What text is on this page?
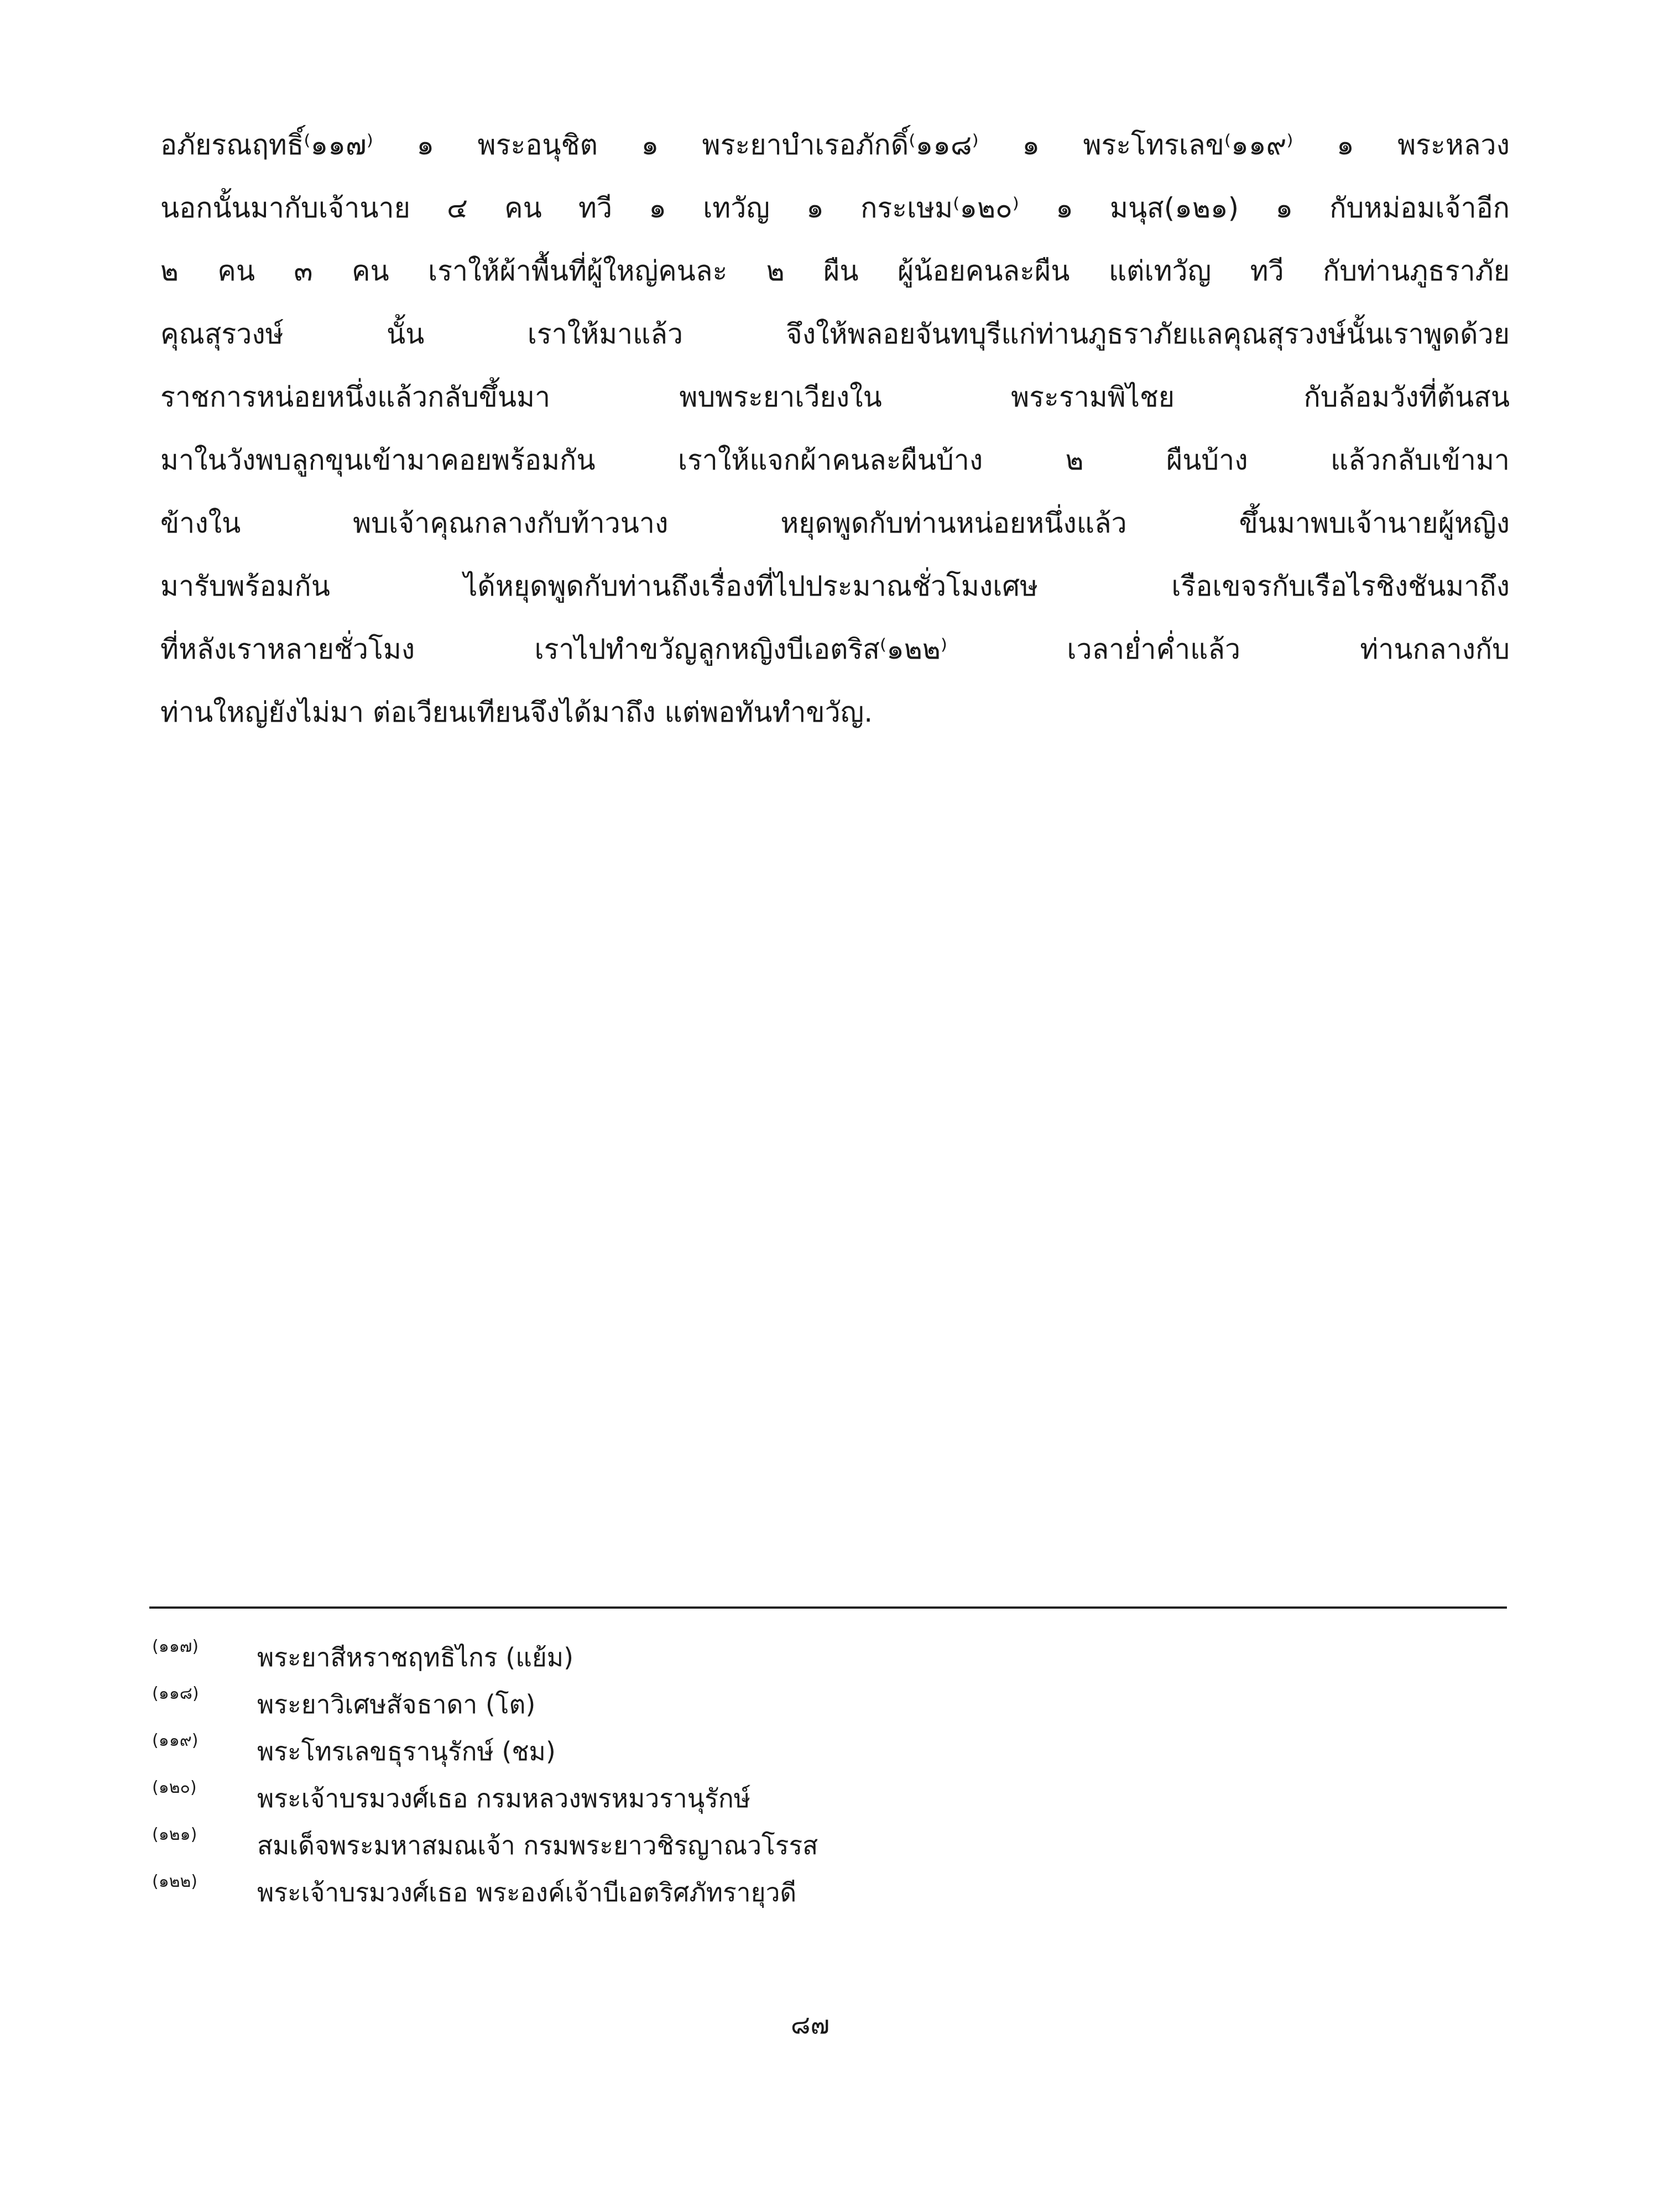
อภัยรณฤทธิ์⁽๑๑๗⁾ ๑ พระอนุชิต ๑ พระยาบำเรอภักดิ์⁽๑๑๘⁾ ๑ พระโทรเลข⁽๑๑๙⁾ ๑ พระหลวง
นอกนั้นมากับเจ้านาย ๔ คน ทวี ๑ เทวัญ ๑ กระเษม⁽๑๒๐⁾ ๑ มนุส(๑๒๑) ๑ กับหม่อมเจ้าอีก
๒ คน ๓ คน เราให้ผ้าพื้นที่ผู้ใหญ่คนละ ๒ ผืน ผู้น้อยคนละผืน แต่เทวัญ ทวี กับท่านภูธราภัย
คุณสุรวงษ์ นั้น เราให้มาแล้ว จึงให้พลอยจันทบุรีแก่ท่านภูธราภัยแลคุณสุรวงษ์นั้นเราพูดด้วย
ราชการหน่อยหนึ่งแล้วกลับขึ้นมา พบพระยาเวียงใน พระรามพิไชย กับล้อมวังที่ต้นสน
มาในวังพบลูกขุนเข้ามาคอยพร้อมกัน เราให้แจกผ้าคนละผืนบ้าง ๒ ผืนบ้าง แล้วกลับเข้ามา
ข้างใน พบเจ้าคุณกลางกับท้าวนาง หยุดพูดกับท่านหน่อยหนึ่งแล้ว ขึ้นมาพบเจ้านายผู้หญิง
มารับพร้อมกัน ได้หยุดพูดกับท่านถึงเรื่องที่ไปประมาณชั่วโมงเศษ เรือเขจรกับเรือไรชิงชันมาถึง
ที่หลังเราหลายชั่วโมง เราไปทำขวัญลูกหญิงบีเอตริส⁽๑๒๒⁾ เวลาย่ำค่ำแล้ว ท่านกลางกับ
ท่านใหญ่ยังไม่มา ต่อเวียนเทียนจึงได้มาถึง แต่พอทันทำขวัญ.
(๑๑๗) พระยาสีหราชฤทธิไกร (แย้ม)
(๑๑๘) พระยาวิเศษสัจธาดา (โต)
(๑๑๙) พระโทรเลขธุรานุรักษ์ (ชม)
(๑๒๐) พระเจ้าบรมวงศ์เธอ กรมหลวงพรหมวรานุรักษ์
(๑๒๑) สมเด็จพระมหาสมณเจ้า กรมพระยาวชิรญาณวโรรส
(๑๒๒) พระเจ้าบรมวงศ์เธอ พระองค์เจ้าบีเอตริศภัทรายุวดี
๘๗
